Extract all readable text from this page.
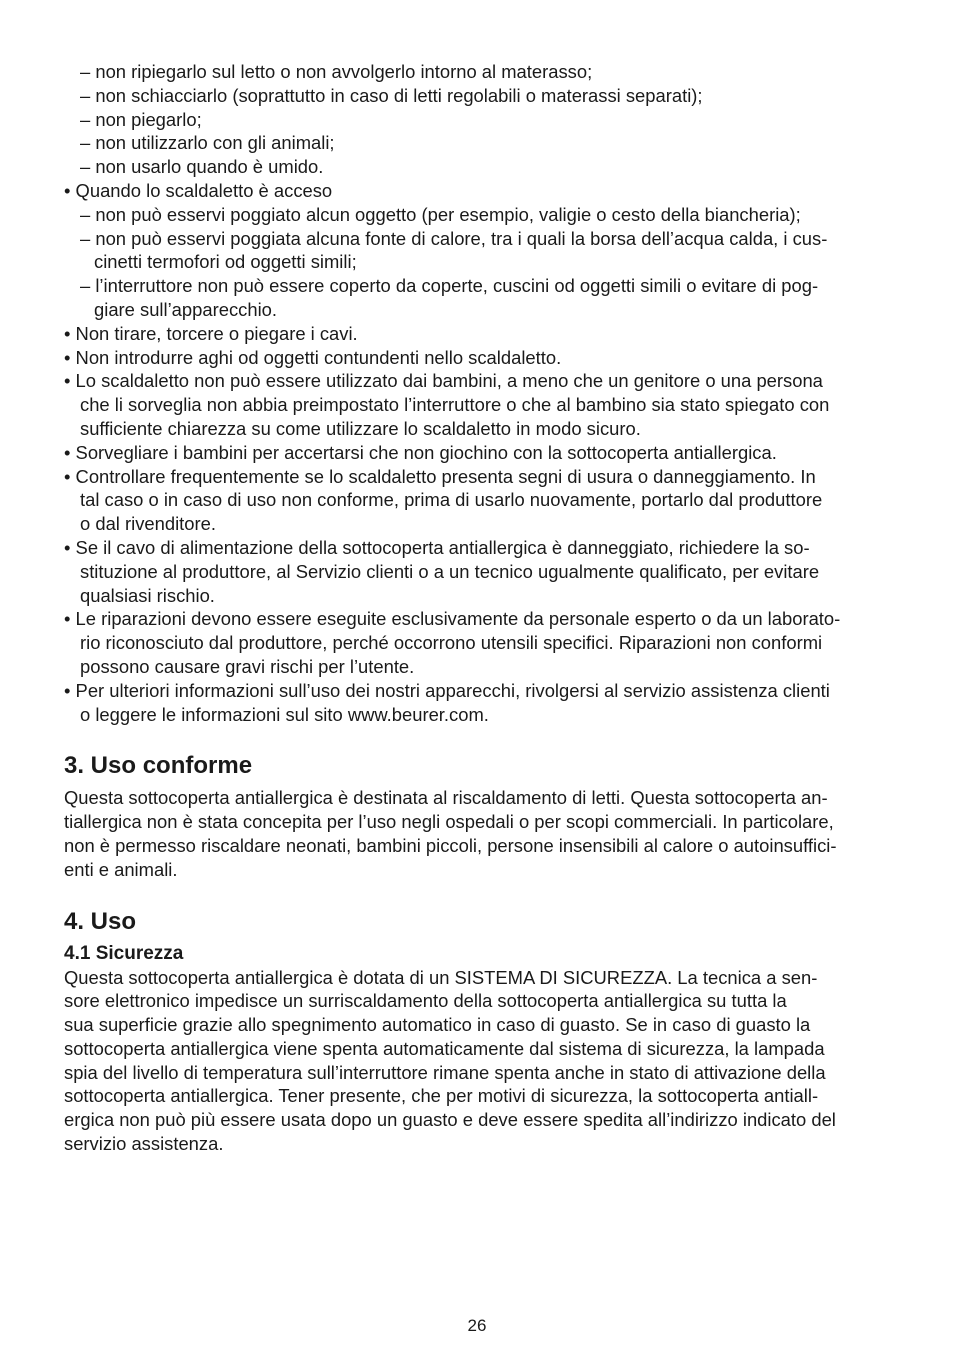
– non ripiegarlo sul letto o non avvolgerlo intorno al materasso;
– non schiacciarlo (soprattutto in caso di letti regolabili o materassi separati);
– non piegarlo;
– non utilizzarlo con gli animali;
– non usarlo quando è umido.
• Quando lo scaldaletto è acceso
– non può esservi poggiato alcun oggetto (per esempio, valigie o cesto della biancheria);
– non può esservi poggiata alcuna fonte di calore, tra i quali la borsa dell’acqua calda, i cus-
cinetti termofori od oggetti simili;
– l’interruttore non può essere coperto da coperte, cuscini od oggetti simili o evitare di pog-
giare sull’apparecchio.
• Non tirare, torcere o piegare i cavi.
• Non introdurre aghi od oggetti contundenti nello scaldaletto.
• Lo scaldaletto non può essere utilizzato dai bambini, a meno che un genitore o una persona
che li sorveglia non abbia preimpostato l’interruttore o che al bambino sia stato spiegato con
sufficiente chiarezza su come utilizzare lo scaldaletto in modo sicuro.
• Sorvegliare i bambini per accertarsi che non giochino con la sottocoperta antiallergica.
• Controllare frequentemente se lo scaldaletto presenta segni di usura o danneggiamento. In
tal caso o in caso di uso non conforme, prima di usarlo nuovamente, portarlo dal produttore
o dal rivenditore.
• Se il cavo di alimentazione della sottocoperta antiallergica è danneggiato, richiedere la so-
stituzione al produttore, al Servizio clienti o a un tecnico ugualmente qualificato, per evitare
qualsiasi rischio.
• Le riparazioni devono essere eseguite esclusivamente da personale esperto o da un laborato-
rio riconosciuto dal produttore, perché occorrono utensili specifici. Riparazioni non conformi
possono causare gravi rischi per l’utente.
• Per ulteriori informazioni sull’uso dei nostri apparecchi, rivolgersi al servizio assistenza clienti
o leggere le informazioni sul sito www.beurer.com.
3. Uso conforme
Questa sottocoperta antiallergica è destinata al riscaldamento di letti. Questa sottocoperta an-
tiallergica non è stata concepita per l’uso negli ospedali o per scopi commerciali. In particolare,
non è permesso riscaldare neonati, bambini piccoli, persone insensibili al calore o autoinsuffici-
enti e animali.
4. Uso
4.1 Sicurezza
Questa sottocoperta antiallergica è dotata di un SISTEMA DI SICUREZZA. La tecnica a sen-
sore elettronico impedisce un surriscaldamento della sottocoperta antiallergica su tutta la
sua superficie grazie allo spegnimento automatico in caso di guasto. Se in caso di guasto la
sottocoperta antiallergica viene spenta automaticamente dal sistema di sicurezza, la lampada
spia del livello di temperatura sull’interruttore rimane spenta anche in stato di attivazione della
sottocoperta antiallergica. Tener presente, che per motivi di sicurezza, la sottocoperta antiall-
ergica non può più essere usata dopo un guasto e deve essere spedita all’indirizzo indicato del
servizio assistenza.
26
